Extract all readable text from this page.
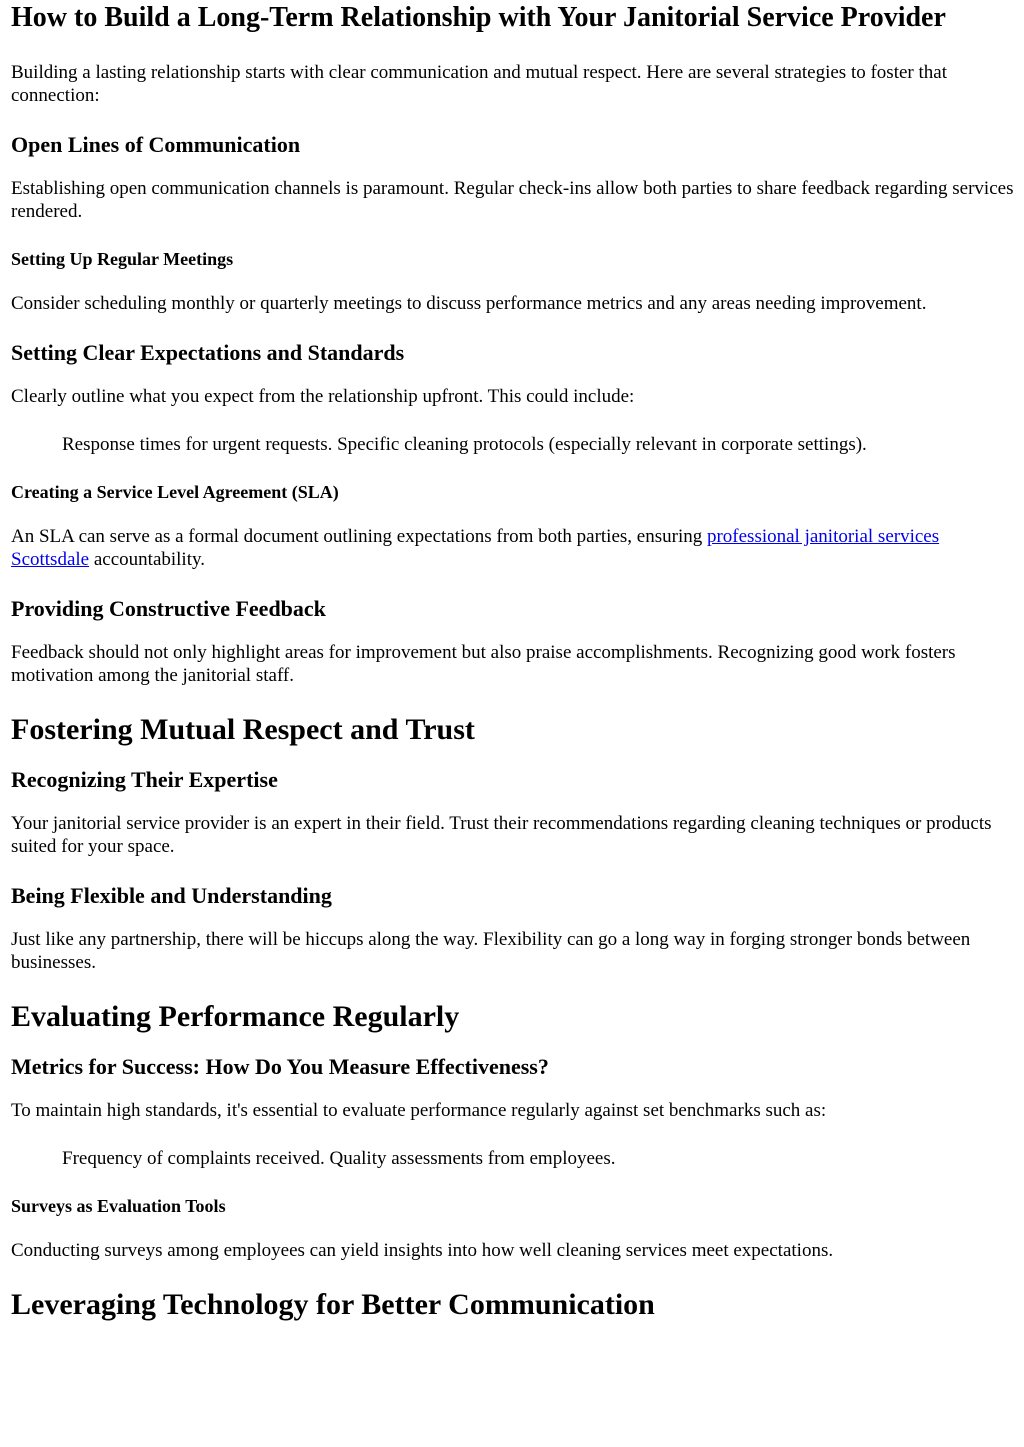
How to Build a Long-Term Relationship with Your Janitorial Service Provider

Building a lasting relationship starts with clear communication and mutual respect. Here are several strategies to foster that connection:

Open Lines of Communication

Establishing open communication channels is paramount. Regular check-ins allow both parties to share feedback regarding services rendered.

Setting Up Regular Meetings

Consider scheduling monthly or quarterly meetings to discuss performance metrics and any areas needing improvement.

Setting Clear Expectations and Standards

Clearly outline what you expect from the relationship upfront. This could include:

Response times for urgent requests. Specific cleaning protocols (especially relevant in corporate settings).
Creating a Service Level Agreement (SLA)

An SLA can serve as a formal document outlining expectations from both parties, ensuring professional janitorial services Scottsdale accountability.

Providing Constructive Feedback

Feedback should not only highlight areas for improvement but also praise accomplishments. Recognizing good work fosters motivation among the janitorial staff.

Fostering Mutual Respect and Trust
Recognizing Their Expertise

Your janitorial service provider is an expert in their field. Trust their recommendations regarding cleaning techniques or products suited for your space.

Being Flexible and Understanding

Just like any partnership, there will be hiccups along the way. Flexibility can go a long way in forging stronger bonds between businesses.

Evaluating Performance Regularly
Metrics for Success: How Do You Measure Effectiveness?

To maintain high standards, it's essential to evaluate performance regularly against set benchmarks such as:

Frequency of complaints received. Quality assessments from employees.
Surveys as Evaluation Tools

Conducting surveys among employees can yield insights into how well cleaning services meet expectations.

Leveraging Technology for Better Communication
